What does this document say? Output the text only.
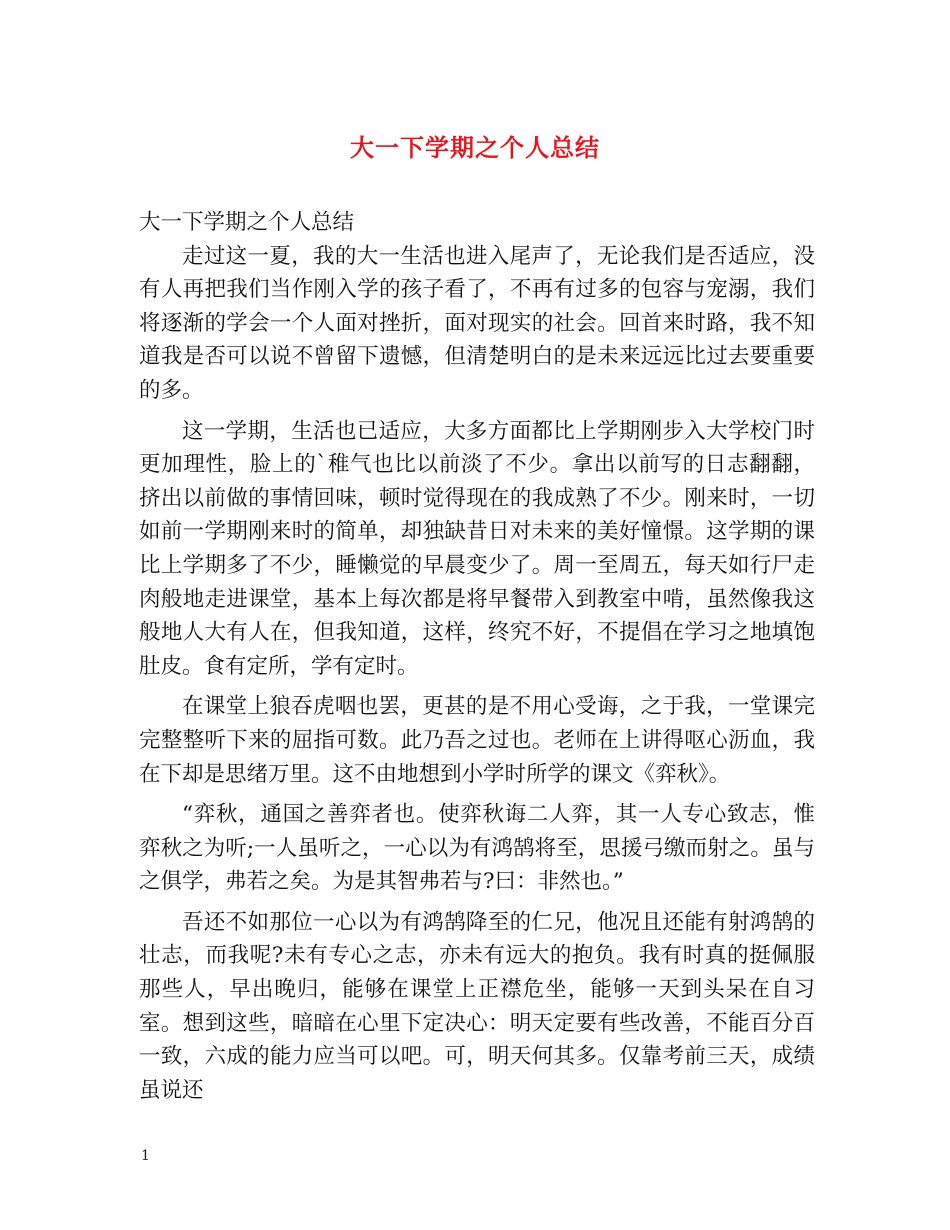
大一下学期之个人总结

大一下学期之个人总结

走过这一夏，我的大一生活也进入尾声了，无论我们是否适应，没有人再把我们当作刚入学的孩子看了，不再有过多的包容与宠溺，我们将逐渐的学会一个人面对挫折，面对现实的社会。回首来时路，我不知道我是否可以说不曾留下遗憾，但清楚明白的是未来远远比过去要重要的多。

这一学期，生活也已适应，大多方面都比上学期刚步入大学校门时更加理性，脸上的`稚气也比以前淡了不少。拿出以前写的日志翻翻，挤出以前做的事情回味，顿时觉得现在的我成熟了不少。刚来时，一切如前一学期刚来时的简单，却独缺昔日对未来的美好憧憬。这学期的课比上学期多了不少，睡懒觉的早晨变少了。周一至周五，每天如行尸走肉般地走进课堂，基本上每次都是将早餐带入到教室中啃，虽然像我这般地人大有人在，但我知道，这样，终究不好，不提倡在学习之地填饱肚皮。食有定所，学有定时。

在课堂上狼吞虎咽也罢，更甚的是不用心受诲，之于我，一堂课完完整整听下来的屈指可数。此乃吾之过也。老师在上讲得呕心沥血，我在下却是思绪万里。这不由地想到小学时所学的课文《弈秋》。

“弈秋，通国之善弈者也。使弈秋诲二人弈，其一人专心致志，惟弈秋之为听;一人虽听之，一心以为有鸿鹄将至，思援弓缴而射之。虽与之俱学，弗若之矣。为是其智弗若与?曰：非然也。”

吾还不如那位一心以为有鸿鹄降至的仁兄，他况且还能有射鸿鹄的壮志，而我呢?未有专心之志，亦未有远大的抱负。我有时真的挺佩服那些人，早出晚归，能够在课堂上正襟危坐，能够一天到头呆在自习室。想到这些，暗暗在心里下定决心：明天定要有些改善，不能百分百一致，六成的能力应当可以吧。可，明天何其多。仅靠考前三天，成绩虽说还

1
